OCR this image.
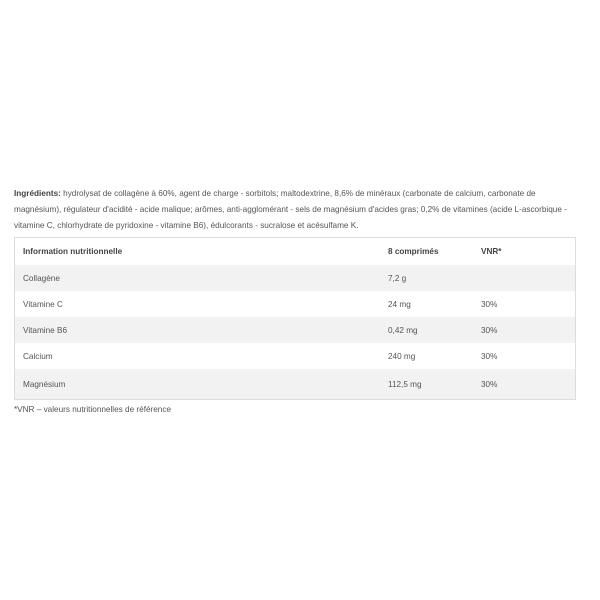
Ingrédients: hydrolysat de collagène à 60%, agent de charge - sorbitols; maltodextrine, 8,6% de minéraux (carbonate de calcium, carbonate de magnésium), régulateur d'acidité - acide malique; arômes, anti-agglomérant - sels de magnésium d'acides gras; 0,2% de vitamines (acide L-ascorbique - vitamine C, chlorhydrate de pyridoxine - vitamine B6), édulcorants - sucralose et acésulfame K.

Information nutritionnelle	8 comprimés	VNR*
Collagène	7,2 g	
Vitamine C	24 mg	30%
Vitamine B6	0,42 mg	30%
Calcium	240 mg	30%
Magnésium	112,5 mg	30%
*VNR – valeurs nutritionnelles de référence
